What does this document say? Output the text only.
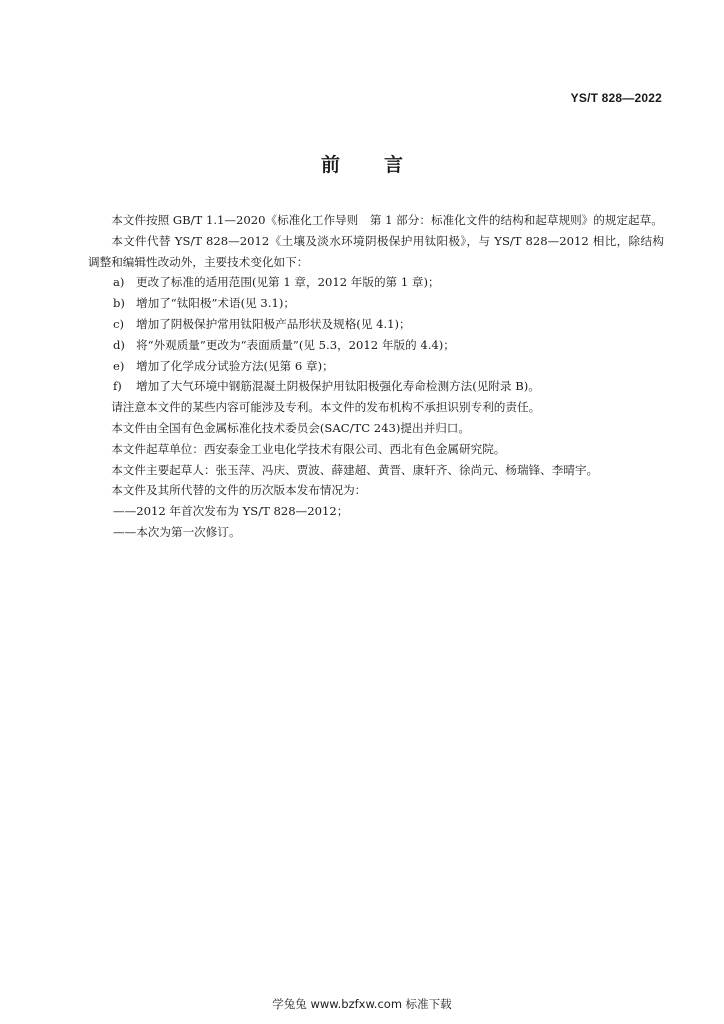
YS/T 828—2022
前 言

本文件按照 GB/T 1.1—2020《标准化工作导则　第 1 部分：标准化文件的结构和起草规则》的规定起草。

本文件代替 YS/T 828—2012《土壤及淡水环境阴极保护用钛阳极》，与 YS/T 828—2012 相比，除结构调整和编辑性改动外，主要技术变化如下：

a) 更改了标准的适用范围(见第 1 章，2012 年版的第 1 章)；

b) 增加了“钛阳极”术语(见 3.1)；

c)	增加了阴极保护常用钛阳极产品形状及规格(见 4.1)；

d) 将“外观质量”更改为“表面质量”(见 5.3，2012 年版的 4.4)；

e)	增加了化学成分试验方法(见第 6 章)；

f)	增加了大气环境中钢筋混凝土阴极保护用钛阳极强化寿命检测方法(见附录 B)。

请注意本文件的某些内容可能涉及专利。本文件的发布机构不承担识别专利的责任。

本文件由全国有色金属标准化技术委员会(SAC/TC 243)提出并归口。

本文件起草单位：西安泰金工业电化学技术有限公司、西北有色金属研究院。

本文件主要起草人：张玉萍、冯庆、贾波、薛建超、黄晋、康轩齐、徐尚元、杨瑞锋、李晴宇。

本文件及其所代替的文件的历次版本发布情况为：

——2012 年首次发布为 YS/T 828—2012；

——本次为第一次修订。

学兔兔 www.bzfxw.com 标准下载
